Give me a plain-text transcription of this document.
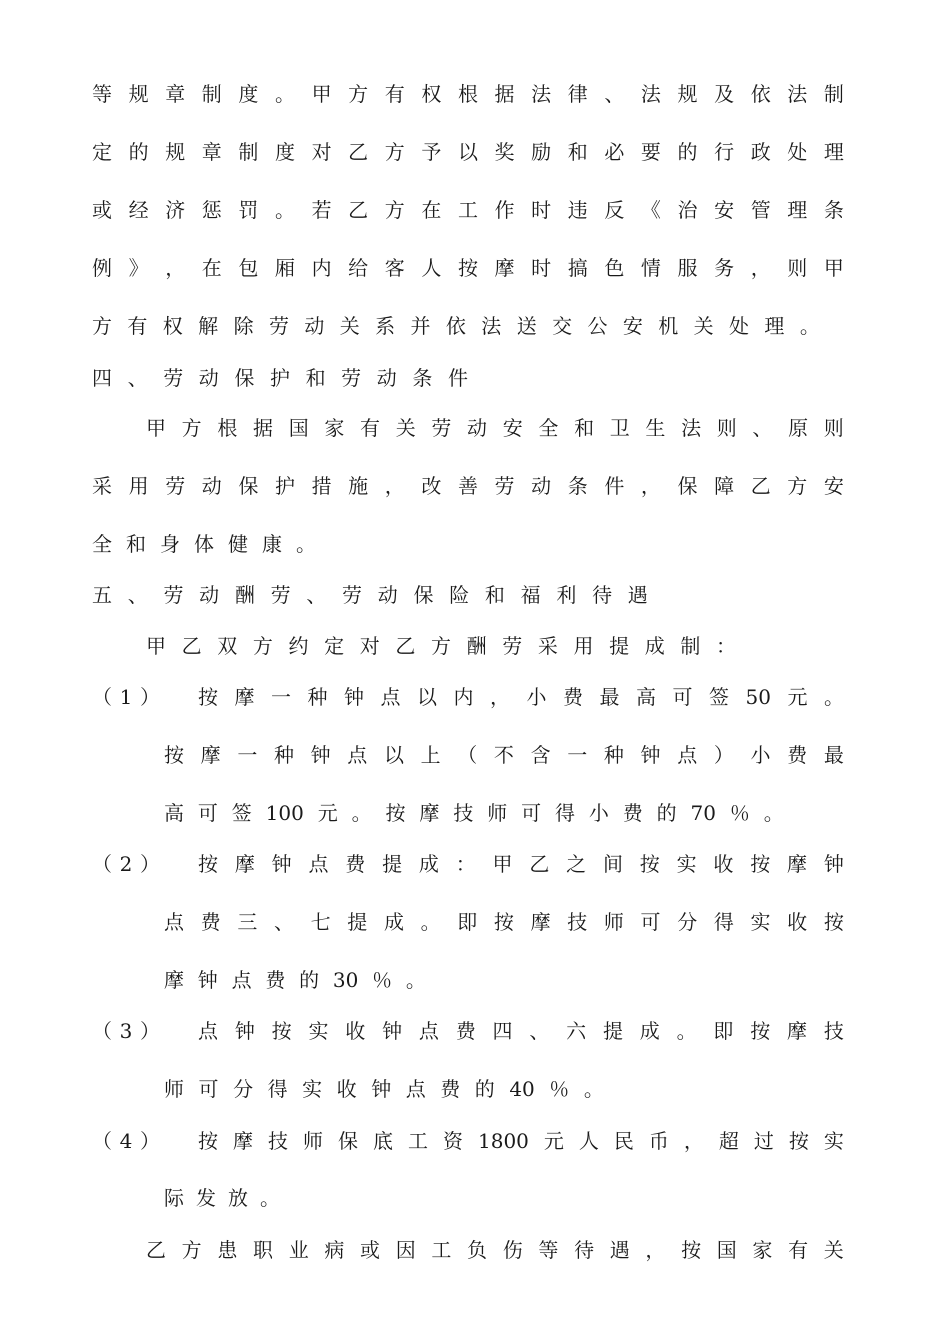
等 规 章 制 度 。 甲 方 有 权 根 据 法 律 、 法 规 及 依 法 制
定 的 规 章 制 度 对 乙 方 予 以 奖 励 和 必 要 的 行 政 处 理
或 经 济 惩 罚 。 若 乙 方 在 工 作 时 违 反 《 治 安 管 理 条
例 》 ， 在 包 厢 内 给 客 人 按 摩 时 搞 色 情 服 务 ， 则 甲
方 有 权 解 除 劳 动 关 系 并 依 法 送 交 公 安 机 关 处 理 。
四 、 劳 动 保 护 和 劳 动 条 件
甲 方 根 据 国 家 有 关 劳 动 安 全 和 卫 生 法 则 、 原 则
采 用 劳 动 保 护 措 施 ， 改 善 劳 动 条 件 ， 保 障 乙 方 安
全 和 身 体 健 康 。
五 、 劳 动 酬 劳 、 劳 动 保 险 和 福 利 待 遇
甲 乙 双 方 约 定 对 乙 方 酬 劳 采 用 提 成 制 ：
（ 1 ） 按 摩 一 种 钟 点 以 内 ， 小 费 最 高 可 签 50 元 。
按 摩 一 种 钟 点 以 上 （ 不 含 一 种 钟 点 ） 小 费 最
高 可 签 100 元 。 按 摩 技 师 可 得 小 费 的 70 ％ 。
（ 2 ） 按 摩 钟 点 费 提 成 ： 甲 乙 之 间 按 实 收 按 摩 钟
点 费 三 、 七 提 成 。 即 按 摩 技 师 可 分 得 实 收 按
摩 钟 点 费 的 30 ％ 。
（ 3 ） 点 钟 按 实 收 钟 点 费 四 、 六 提 成 。 即 按 摩 技
师 可 分 得 实 收 钟 点 费 的 40 ％ 。
（ 4 ） 按 摩 技 师 保 底 工 资 1800 元 人 民 币 ， 超 过 按 实
际 发 放 。
乙 方 患 职 业 病 或 因 工 负 伤 等 待 遇 ， 按 国 家 有 关
